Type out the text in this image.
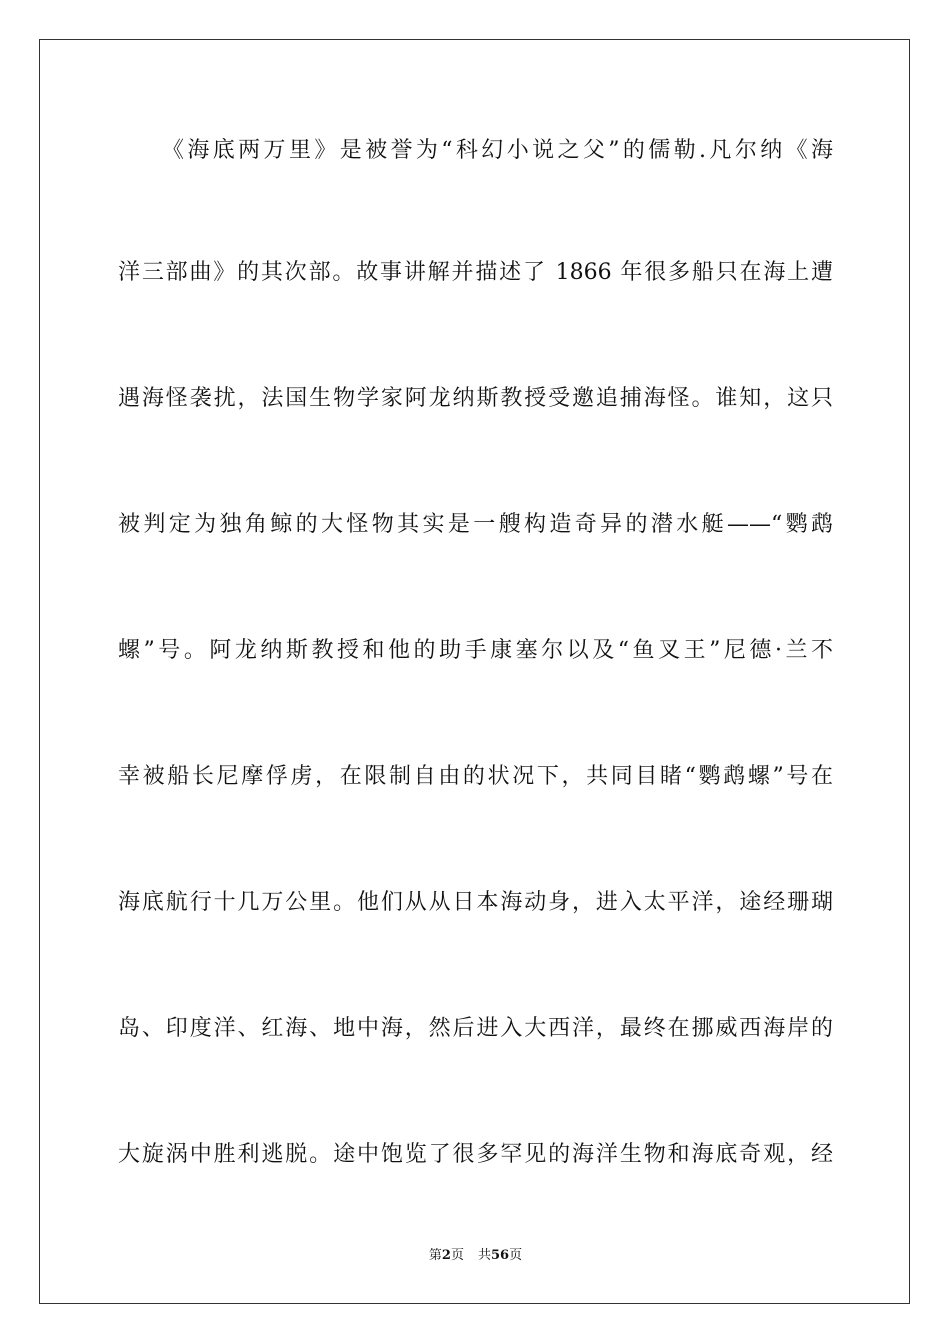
《海底两万里》是被誉为“科幻小说之父”的儒勒.凡尔纳《海
洋三部曲》的其次部。故事讲解并描述了 1866 年很多船只在海上遭
遇海怪袭扰，法国生物学家阿龙纳斯教授受邀追捕海怪。谁知，这只
被判定为独角鲸的大怪物其实是一艘构造奇异的潜水艇——“鹦鹉
螺”号。阿龙纳斯教授和他的助手康塞尔以及“鱼叉王”尼德·兰不
幸被船长尼摩俘虏，在限制自由的状况下，共同目睹“鹦鹉螺”号在
海底航行十几万公里。他们从从日本海动身，进入太平洋，途经珊瑚
岛、印度洋、红海、地中海，然后进入大西洋，最终在挪威西海岸的
大旋涡中胜利逃脱。途中饱览了很多罕见的海洋生物和海底奇观，经
第2页 共56页
